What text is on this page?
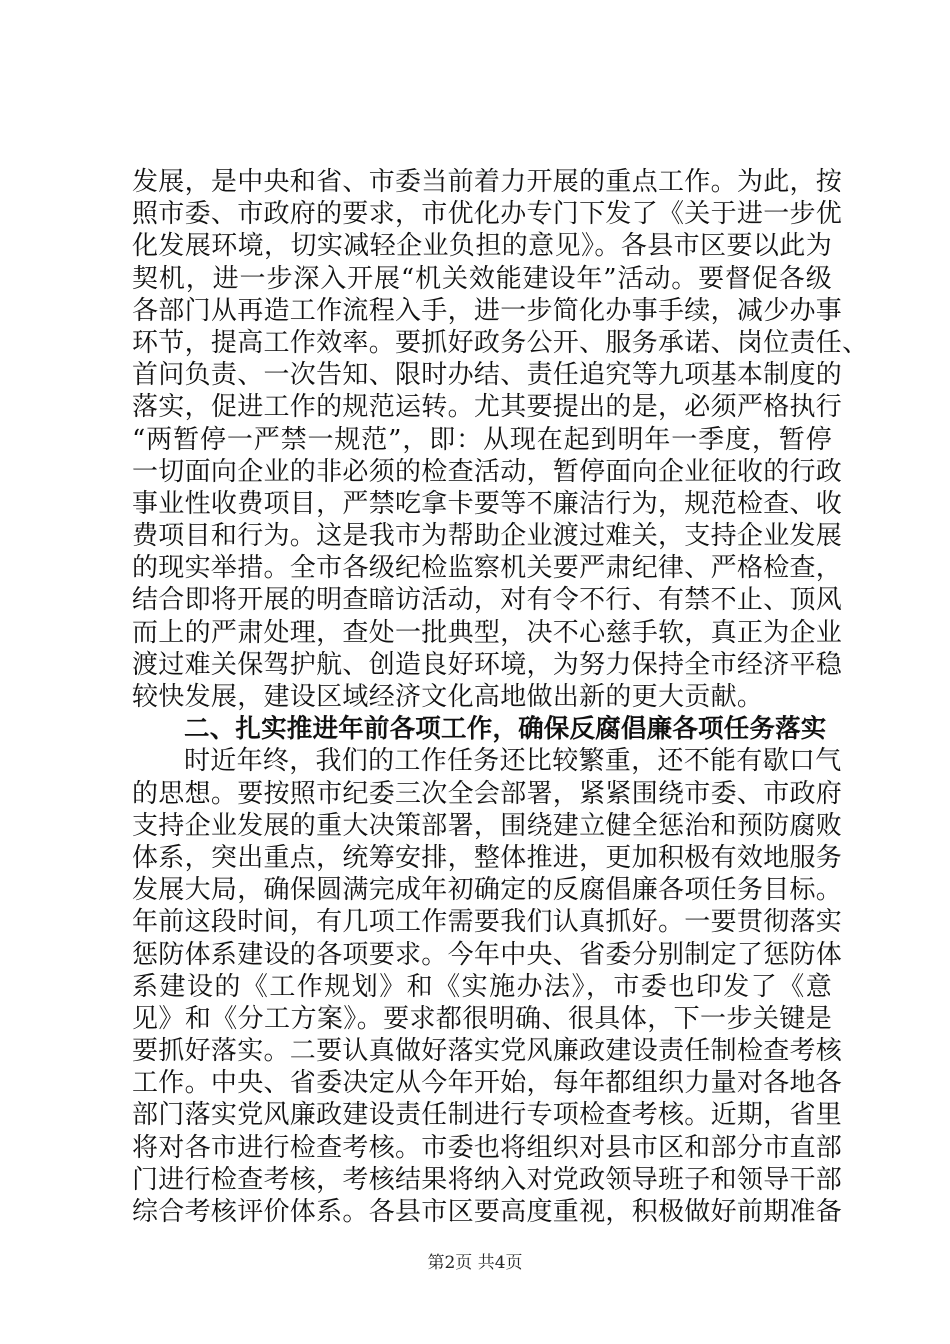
发展，是中央和省、市委当前着力开展的重点工作。为此，按
照市委、市政府的要求，市优化办专门下发了《关于进一步优
化发展环境，切实减轻企业负担的意见》。各县市区要以此为
契机，进一步深入开展“机关效能建设年”活动。要督促各级
各部门从再造工作流程入手，进一步简化办事手续，减少办事
环节，提高工作效率。要抓好政务公开、服务承诺、岗位责任、
首问负责、一次告知、限时办结、责任追究等九项基本制度的
落实，促进工作的规范运转。尤其要提出的是，必须严格执行
“两暂停一严禁一规范”，即：从现在起到明年一季度，暂停
一切面向企业的非必须的检查活动，暂停面向企业征收的行政
事业性收费项目，严禁吃拿卡要等不廉洁行为，规范检查、收
费项目和行为。这是我市为帮助企业渡过难关，支持企业发展
的现实举措。全市各级纪检监察机关要严肃纪律、严格检查，
结合即将开展的明查暗访活动，对有令不行、有禁不止、顶风
而上的严肃处理，查处一批典型，决不心慈手软，真正为企业
渡过难关保驾护航、创造良好环境，为努力保持全市经济平稳
较快发展，建设区域经济文化高地做出新的更大贡献。
二、扎实推进年前各项工作，确保反腐倡廉各项任务落实
时近年终，我们的工作任务还比较繁重，还不能有歇口气
的思想。要按照市纪委三次全会部署，紧紧围绕市委、市政府
支持企业发展的重大决策部署，围绕建立健全惩治和预防腐败
体系，突出重点，统筹安排，整体推进，更加积极有效地服务
发展大局，确保圆满完成年初确定的反腐倡廉各项任务目标。
年前这段时间，有几项工作需要我们认真抓好。一要贯彻落实
惩防体系建设的各项要求。今年中央、省委分别制定了惩防体
系建设的《工作规划》和《实施办法》，市委也印发了《意
见》和《分工方案》。要求都很明确、很具体，下一步关键是
要抓好落实。二要认真做好落实党风廉政建设责任制检查考核
工作。中央、省委决定从今年开始，每年都组织力量对各地各
部门落实党风廉政建设责任制进行专项检查考核。近期，省里
将对各市进行检查考核。市委也将组织对县市区和部分市直部
门进行检查考核，考核结果将纳入对党政领导班子和领导干部
综合考核评价体系。各县市区要高度重视，积极做好前期准备
第2页 共4页
